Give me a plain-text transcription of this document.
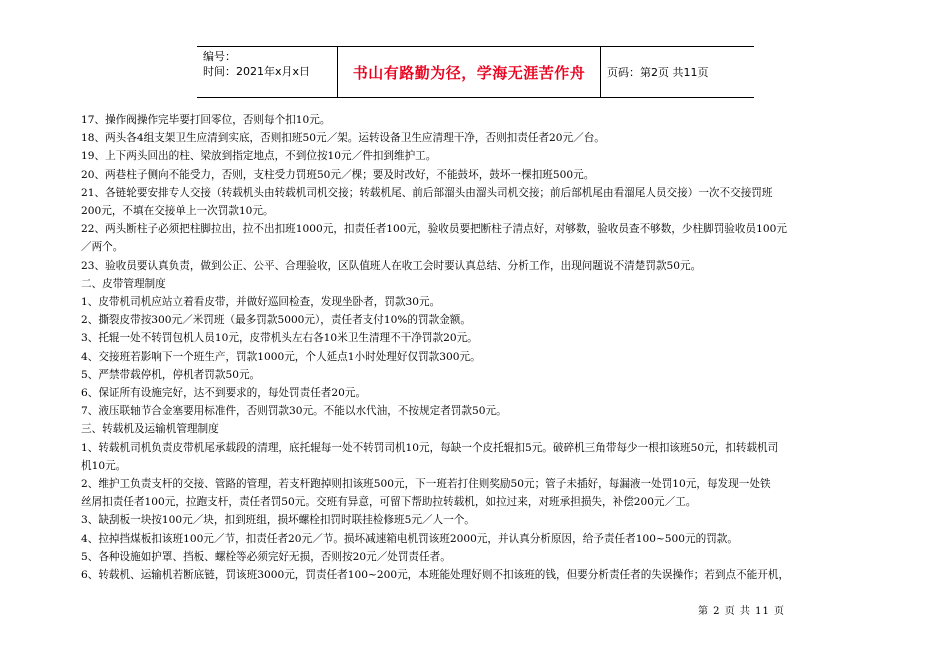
编号：
时间：2021年x月x日	书山有路勤为径，学海无涯苦作舟	页码：第2页 共11页

17、操作阀操作完毕要打回零位，否则每个扣10元。

18、两头各4组支架卫生应清到实底，否则扣班50元／架。运转设备卫生应清理干净，否则扣责任者20元／台。

19、上下两头回出的柱、梁放到指定地点，不到位按10元／件扣到维护工。

20、两巷柱子侧向不能受力，否则，支柱受力罚班50元／棵；要及时改好，不能鼓坏，鼓坏一棵扣班500元。

21、各链轮要安排专人交接（转载机头由转载机司机交接；转载机尾、前后部溜头由溜头司机交接；前后部机尾由看溜尾人员交接）一次不交接罚班

200元，不填在交接单上一次罚款10元。

22、两头断柱子必须把柱脚拉出，拉不出扣班1000元，扣责任者100元，验收员要把断柱子清点好，对够数，验收员查不够数，少柱脚罚验收员100元

／两个。

23、验收员要认真负责，做到公正、公平、合理验收，区队值班人在收工会时要认真总结、分析工作，出现问题说不清楚罚款50元。

二、皮带管理制度

1、皮带机司机应站立着看皮带，并做好巡回检查，发现坐卧者，罚款30元。

2、撕裂皮带按300元／米罚班（最多罚款5000元），责任者支付10%的罚款金额。

3、托辊一处不转罚包机人员10元，皮带机头左右各10米卫生清理不干净罚款20元。

4、交接班若影响下一个班生产，罚款1000元，个人延点1小时处理好仅罚款300元。

5、严禁带载停机，停机者罚款50元。

6、保证所有设施完好，达不到要求的，每处罚责任者20元。

7、液压联轴节合金塞要用标准件，否则罚款30元。不能以水代油，不按规定者罚款50元。

三、转载机及运输机管理制度

1、转载机司机负责皮带机尾承载段的清理，底托辊每一处不转罚司机10元，每缺一个皮托辊扣5元。破碎机三角带每少一根扣该班50元，扣转载机司

机10元。

2、维护工负责支杆的交接、管路的管理，若支杆跑掉则扣该班500元，下一班若打住则奖励50元；管子未插好，每漏液一处罚10元，每发现一处铁

丝屑扣责任者100元，拉跑支杆，责任者罚50元。交班有异意，可留下帮助拉转载机，如拉过来，对班承担损失，补偿200元／工。

3、缺刮板一块按100元／块，扣到班组，损坏螺栓扣罚时联挂检修班5元／人一个。

4、拉掉挡煤板扣该班100元／节，扣责任者20元／节。损坏减速箱电机罚该班2000元，并认真分析原因，给予责任者100~500元的罚款。

5、各种设施如护罩、挡板、螺栓等必须完好无损，否则按20元／处罚责任者。

6、转载机、运输机若断底链，罚该班3000元，罚责任者100~200元，本班能处理好则不扣该班的钱，但要分析责任者的失误操作；若到点不能开机，

第 2 页 共 11 页
